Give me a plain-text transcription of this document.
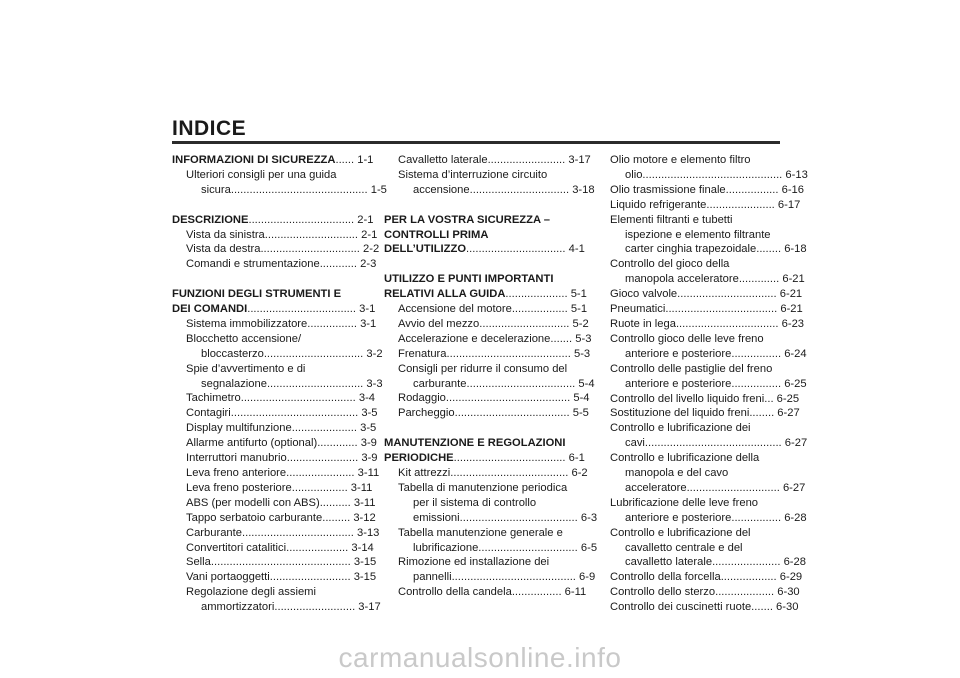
INDICE
INFORMAZIONI DI SICUREZZA...... 1-1
Ulteriori consigli per una guida
sicura............................................ 1-5
DESCRIZIONE.................................. 2-1
Vista da sinistra.............................. 2-1
Vista da destra................................ 2-2
Comandi e strumentazione............ 2-3
FUNZIONI DEGLI STRUMENTI E
DEI COMANDI................................... 3-1
Sistema immobilizzatore................ 3-1
Blocchetto accensione/
bloccasterzo................................ 3-2
Spie d’avvertimento e di
segnalazione............................... 3-3
Tachimetro..................................... 3-4
Contagiri......................................... 3-5
Display multifunzione..................... 3-5
Allarme antifurto (optional)............. 3-9
Interruttori manubrio....................... 3-9
Leva freno anteriore...................... 3-11
Leva freno posteriore.................. 3-11
ABS (per modelli con ABS).......... 3-11
Tappo serbatoio carburante......... 3-12
Carburante.................................... 3-13
Convertitori catalitici.................... 3-14
Sella............................................. 3-15
Vani portaoggetti.......................... 3-15
Regolazione degli assiemi
ammortizzatori.......................... 3-17
Cavalletto laterale......................... 3-17
Sistema d’interruzione circuito
accensione................................ 3-18
PER LA VOSTRA SICUREZZA –
CONTROLLI PRIMA
DELL’UTILIZZO................................ 4-1
UTILIZZO E PUNTI IMPORTANTI
RELATIVI ALLA GUIDA.................... 5-1
Accensione del motore.................. 5-1
Avvio del mezzo............................. 5-2
Accelerazione e decelerazione....... 5-3
Frenatura........................................ 5-3
Consigli per ridurre il consumo del
carburante................................... 5-4
Rodaggio........................................ 5-4
Parcheggio..................................... 5-5
MANUTENZIONE E REGOLAZIONI
PERIODICHE.................................... 6-1
Kit attrezzi...................................... 6-2
Tabella di manutenzione periodica
per il sistema di controllo
emissioni...................................... 6-3
Tabella manutenzione generale e
lubrificazione................................ 6-5
Rimozione ed installazione dei
pannelli........................................ 6-9
Controllo della candela................ 6-11
Olio motore e elemento filtro
olio............................................. 6-13
Olio trasmissione finale................. 6-16
Liquido refrigerante...................... 6-17
Elementi filtranti e tubetti
ispezione e elemento filtrante
carter cinghia trapezoidale........ 6-18
Controllo del gioco della
manopola acceleratore............. 6-21
Gioco valvole................................ 6-21
Pneumatici.................................... 6-21
Ruote in lega................................. 6-23
Controllo gioco delle leve freno
anteriore e posteriore................ 6-24
Controllo delle pastiglie del freno
anteriore e posteriore................ 6-25
Controllo del livello liquido freni... 6-25
Sostituzione del liquido freni........ 6-27
Controllo e lubrificazione dei
cavi............................................ 6-27
Controllo e lubrificazione della
manopola e del cavo
acceleratore.............................. 6-27
Lubrificazione delle leve freno
anteriore e posteriore................ 6-28
Controllo e lubrificazione del
cavalletto centrale e del
cavalletto laterale...................... 6-28
Controllo della forcella.................. 6-29
Controllo dello sterzo................... 6-30
Controllo dei cuscinetti ruote....... 6-30
carmanualsonline.info
